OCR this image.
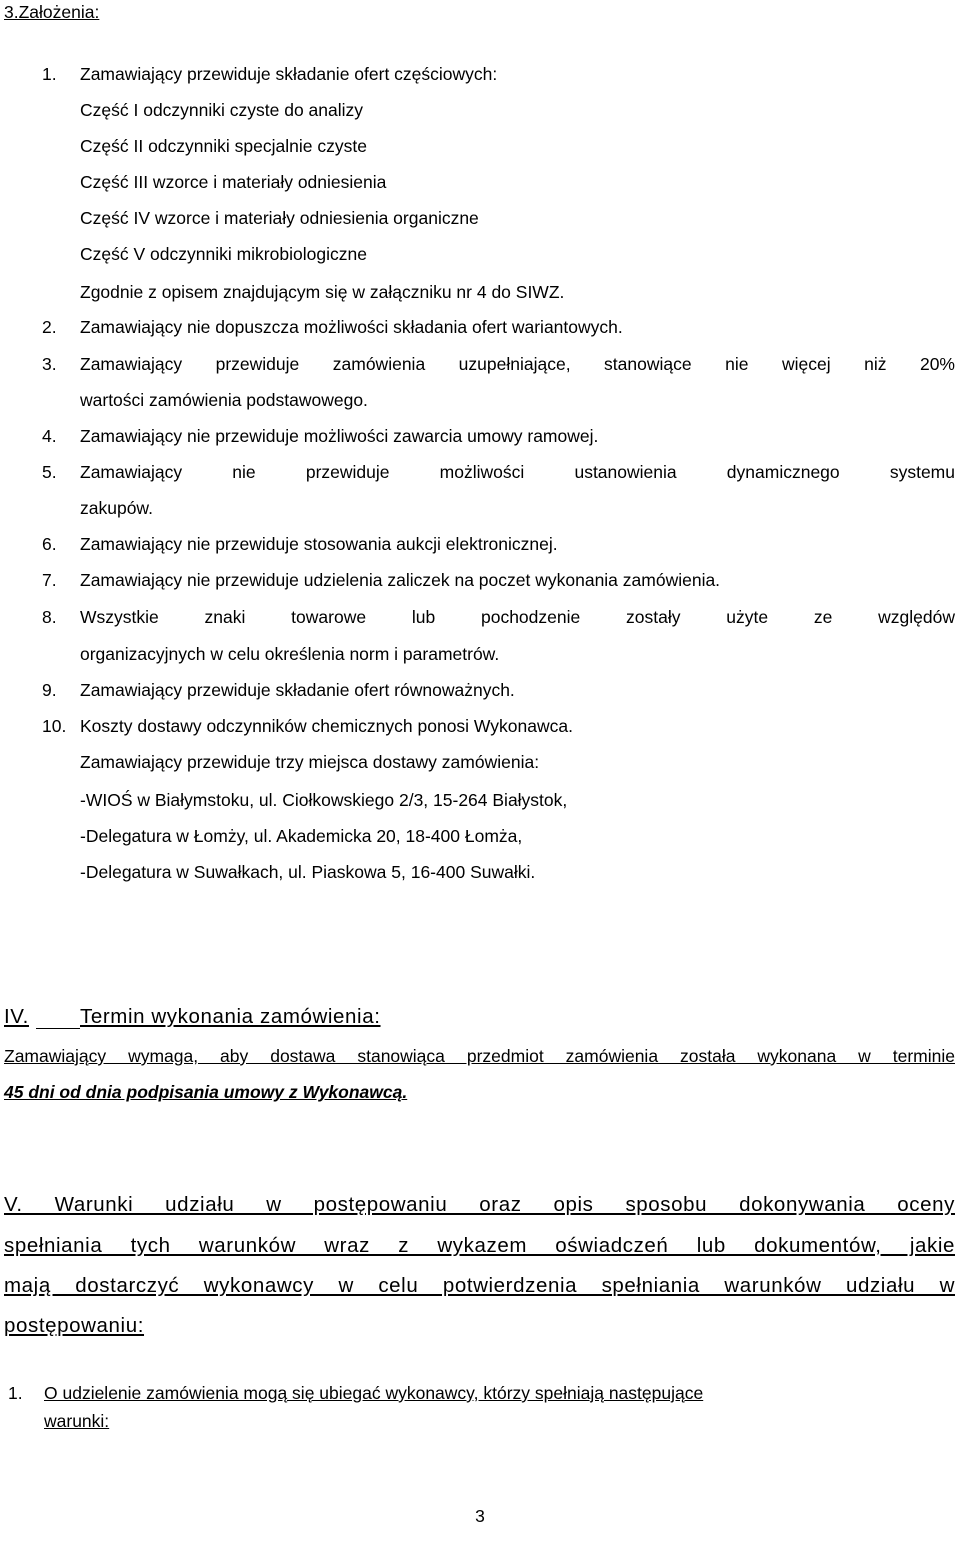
3.Założenia:
1. Zamawiający przewiduje składanie ofert częściowych:
Część I odczynniki czyste do analizy
Część II odczynniki specjalnie czyste
Część III wzorce i materiały odniesienia
Część IV wzorce i materiały odniesienia organiczne
Część V odczynniki mikrobiologiczne
Zgodnie z opisem znajdującym się w załączniku nr 4 do SIWZ.
2. Zamawiający nie dopuszcza możliwości składania ofert wariantowych.
3. Zamawiający przewiduje zamówienia uzupełniające, stanowiące nie więcej niż 20%
wartości zamówienia podstawowego.
4. Zamawiający nie przewiduje możliwości zawarcia umowy ramowej.
5. Zamawiający nie przewiduje możliwości ustanowienia dynamicznego systemu
zakupów.
6. Zamawiający nie przewiduje stosowania aukcji elektronicznej.
7. Zamawiający nie przewiduje udzielenia zaliczek na poczet wykonania zamówienia.
8. Wszystkie znaki towarowe lub pochodzenie zostały użyte ze względów
organizacyjnych w celu określenia norm i parametrów.
9. Zamawiający przewiduje składanie ofert równoważnych.
10. Koszty dostawy odczynników chemicznych ponosi Wykonawca.
Zamawiający przewiduje trzy miejsca dostawy zamówienia:
-WIOŚ w Białymstoku, ul. Ciołkowskiego 2/3, 15-264 Białystok,
-Delegatura w Łomży, ul. Akademicka 20, 18-400 Łomża,
-Delegatura w Suwałkach, ul. Piaskowa 5, 16-400 Suwałki.
IV. Termin wykonania zamówienia:
Zamawiający wymaga, aby dostawa stanowiąca przedmiot zamówienia została wykonana w terminie
45 dni od dnia podpisania umowy z Wykonawcą.
V. Warunki udziału w postępowaniu oraz opis sposobu dokonywania oceny
spełniania tych warunków wraz z wykazem oświadczeń lub dokumentów, jakie
mają dostarczyć wykonawcy w celu potwierdzenia spełniania warunków udziału w
postępowaniu:
1. O udzielenie zamówienia mogą się ubiegać wykonawcy, którzy spełniają następujące
warunki:
3
